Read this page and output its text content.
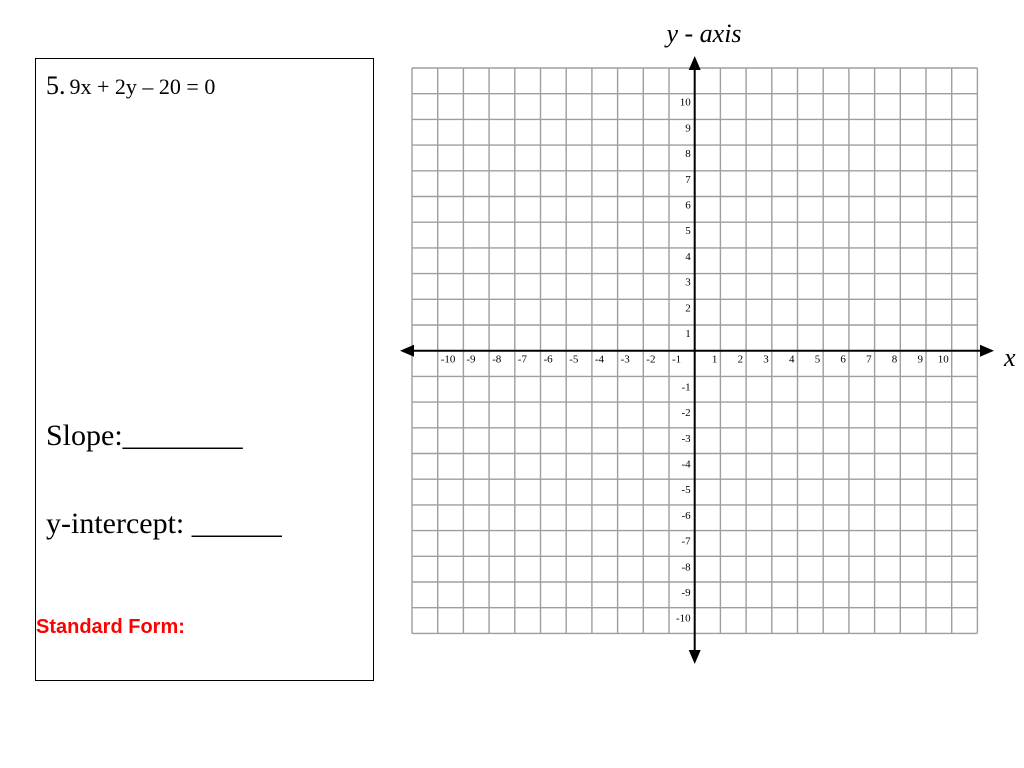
5. 9x + 2y – 20 = 0
Slope:________
y-intercept: ______
Standard Form:
-10 -9 -8 -7 -6 -5 -4 -3 -2 -1	1 2 3 4 5 6 7 8 9 10
10
9
8
7
6
5
4
3
2
1
-1
-2
-3
-4
-5
-6
-7
-8
-9
-10
y - axis
x
